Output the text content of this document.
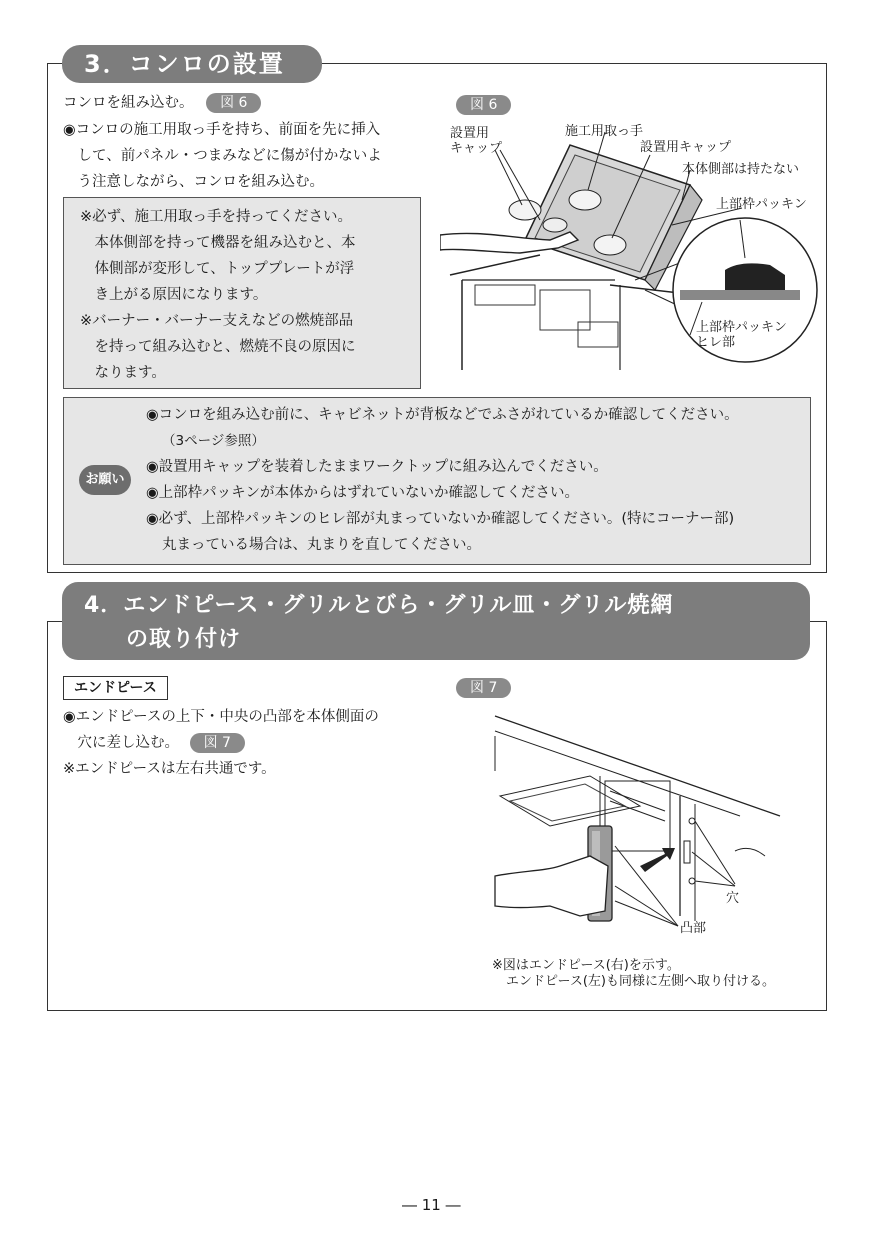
3．コンロの設置
コンロを組み込む。 図 6
◉コンロの施工用取っ手を持ち、前面を先に挿入
　して、前パネル・つまみなどに傷が付かないよ
　う注意しながら、コンロを組み込む。
※必ず、施工用取っ手を持ってください。
　本体側部を持って機器を組み込むと、本
　体側部が変形して、トッププレートが浮
　き上がる原因になります。
※バーナー・バーナー支えなどの燃焼部品
　を持って組み込むと、燃焼不良の原因に
　なります。
図 6
設置用
キャップ
施工用取っ手
設置用キャップ
本体側部は持たない
上部枠パッキン
上部枠パッキン
ヒレ部
お願い
◉コンロを組み込む前に、キャビネットが背板などでふさがれているか確認してください。
（3ページ参照）
◉設置用キャップを装着したままワークトップに組み込んでください。
◉上部枠パッキンが本体からはずれていないか確認してください。
◉必ず、上部枠パッキンのヒレ部が丸まっていないか確認してください。(特にコーナー部)
丸まっている場合は、丸まりを直してください。
4．エンドピース・グリルとびら・グリル皿・グリル焼網
の取り付け
エンドピース
◉エンドピースの上下・中央の凸部を本体側面の
　穴に差し込む。 図 7
※エンドピースは左右共通です。
図 7
穴
凸部
※図はエンドピース(右)を示す。
エンドピース(左)も同様に左側へ取り付ける。
― 11 ―
